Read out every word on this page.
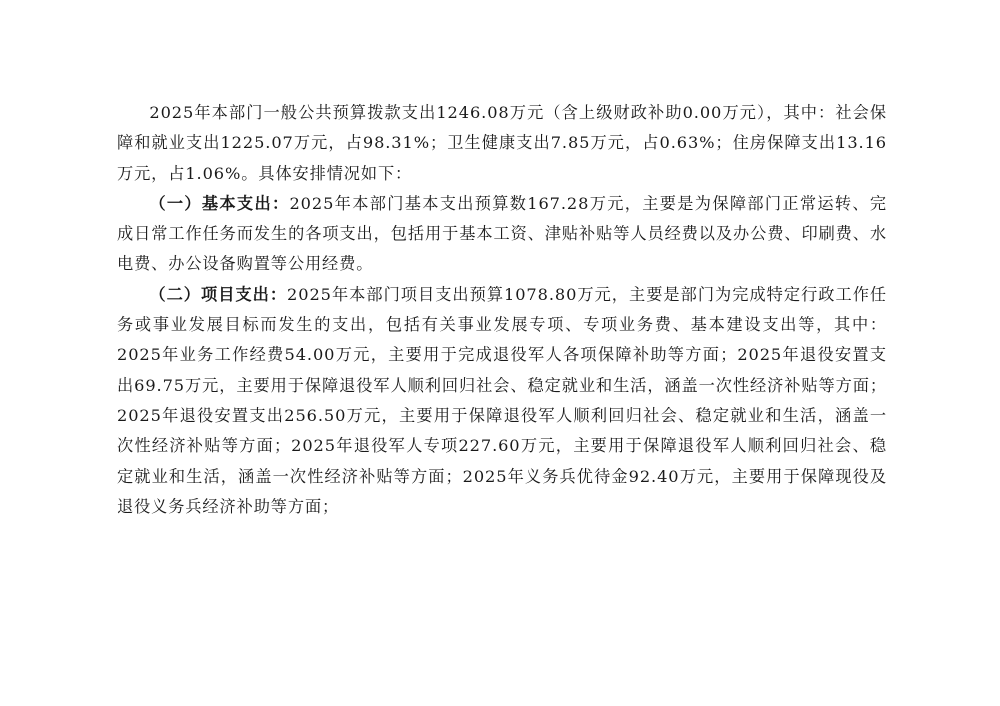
2025年本部门一般公共预算拨款支出1246.08万元（含上级财政补助0.00万元），其中：社会保障和就业支出1225.07万元，占98.31%；卫生健康支出7.85万元，占0.63%；住房保障支出13.16万元，占1.06%。具体安排情况如下：

（一）基本支出：2025年本部门基本支出预算数167.28万元，主要是为保障部门正常运转、完成日常工作任务而发生的各项支出，包括用于基本工资、津贴补贴等人员经费以及办公费、印刷费、水电费、办公设备购置等公用经费。

（二）项目支出：2025年本部门项目支出预算1078.80万元，主要是部门为完成特定行政工作任务或事业发展目标而发生的支出，包括有关事业发展专项、专项业务费、基本建设支出等，其中：2025年业务工作经费54.00万元，主要用于完成退役军人各项保障补助等方面；2025年退役安置支出69.75万元，主要用于保障退役军人顺利回归社会、稳定就业和生活，涵盖一次性经济补贴等方面；2025年退役安置支出256.50万元，主要用于保障退役军人顺利回归社会、稳定就业和生活，涵盖一次性经济补贴等方面；2025年退役军人专项227.60万元，主要用于保障退役军人顺利回归社会、稳定就业和生活，涵盖一次性经济补贴等方面；2025年义务兵优待金92.40万元，主要用于保障现役及退役义务兵经济补助等方面；
